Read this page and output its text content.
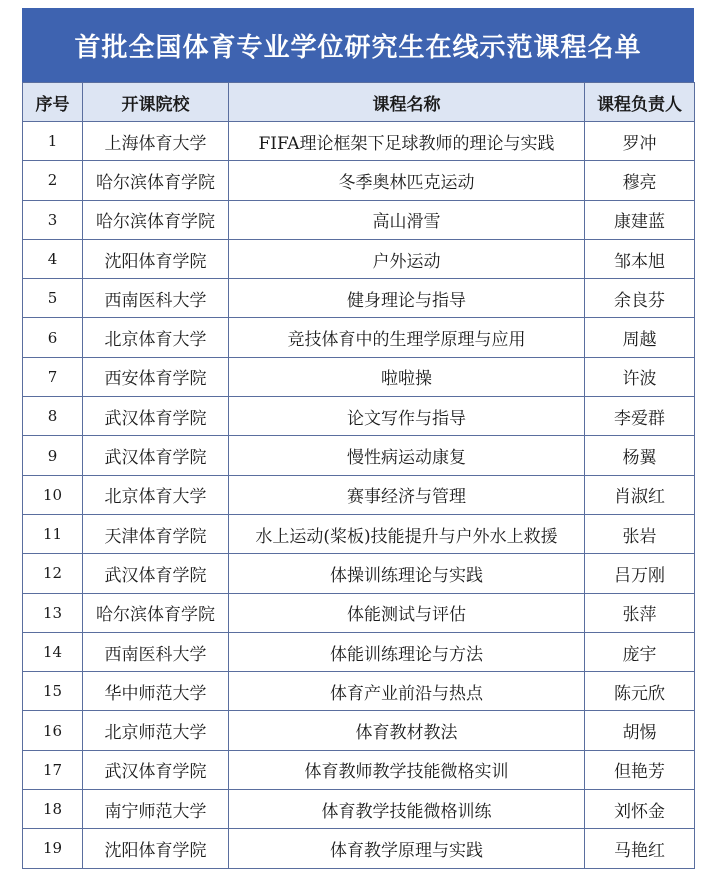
首批全国体育专业学位研究生在线示范课程名单
序号	开课院校	课程名称	课程负责人
1	上海体育大学	FIFA理论框架下足球教师的理论与实践	罗冲
2	哈尔滨体育学院	冬季奥林匹克运动	穆亮
3	哈尔滨体育学院	高山滑雪	康建蓝
4	沈阳体育学院	户外运动	邹本旭
5	西南医科大学	健身理论与指导	余良芬
6	北京体育大学	竞技体育中的生理学原理与应用	周越
7	西安体育学院	啦啦操	许波
8	武汉体育学院	论文写作与指导	李爱群
9	武汉体育学院	慢性病运动康复	杨翼
10	北京体育大学	赛事经济与管理	肖淑红
11	天津体育学院	水上运动(桨板)技能提升与户外水上救援	张岩
12	武汉体育学院	体操训练理论与实践	吕万刚
13	哈尔滨体育学院	体能测试与评估	张萍
14	西南医科大学	体能训练理论与方法	庞宇
15	华中师范大学	体育产业前沿与热点	陈元欣
16	北京师范大学	体育教材教法	胡惕
17	武汉体育学院	体育教师教学技能微格实训	但艳芳
18	南宁师范大学	体育教学技能微格训练	刘怀金
19	沈阳体育学院	体育教学原理与实践	马艳红
